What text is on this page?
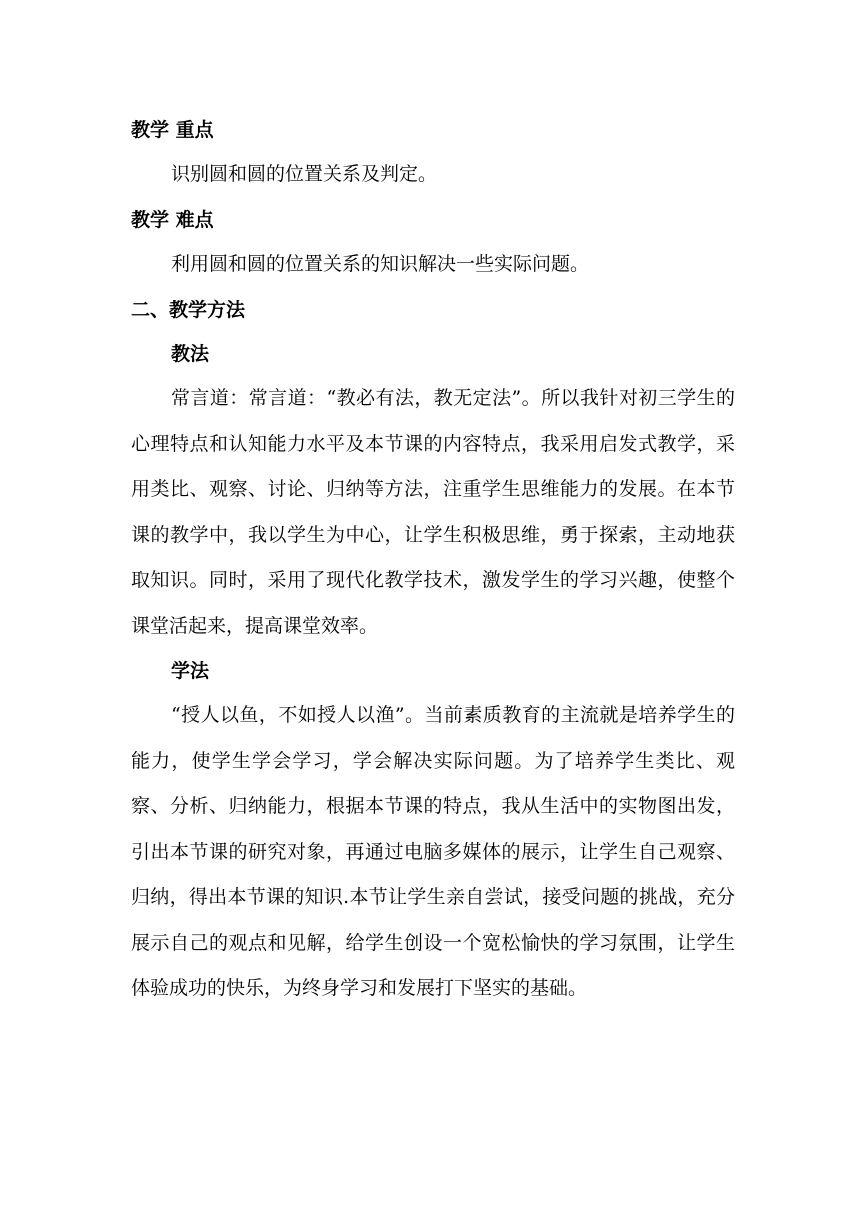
教学 重点

识别圆和圆的位置关系及判定。

教学 难点

利用圆和圆的位置关系的知识解决一些实际问题。

二、教学方法
教法

常言道：常言道：“教必有法，教无定法”。所以我针对初三学生的心理特点和认知能力水平及本节课的内容特点，我采用启发式教学，采用类比、观察、讨论、归纳等方法，注重学生思维能力的发展。在本节课的教学中，我以学生为中心，让学生积极思维，勇于探索，主动地获取知识。同时，采用了现代化教学技术，激发学生的学习兴趣，使整个课堂活起来，提高课堂效率。

学法

“授人以鱼，不如授人以渔”。当前素质教育的主流就是培养学生的能力，使学生学会学习，学会解决实际问题。为了培养学生类比、观察、分析、归纳能力，根据本节课的特点，我从生活中的实物图出发，引出本节课的研究对象，再通过电脑多媒体的展示，让学生自己观察、归纳，得出本节课的知识.本节让学生亲自尝试，接受问题的挑战，充分展示自己的观点和见解，给学生创设一个宽松愉快的学习氛围，让学生体验成功的快乐，为终身学习和发展打下坚实的基础。
